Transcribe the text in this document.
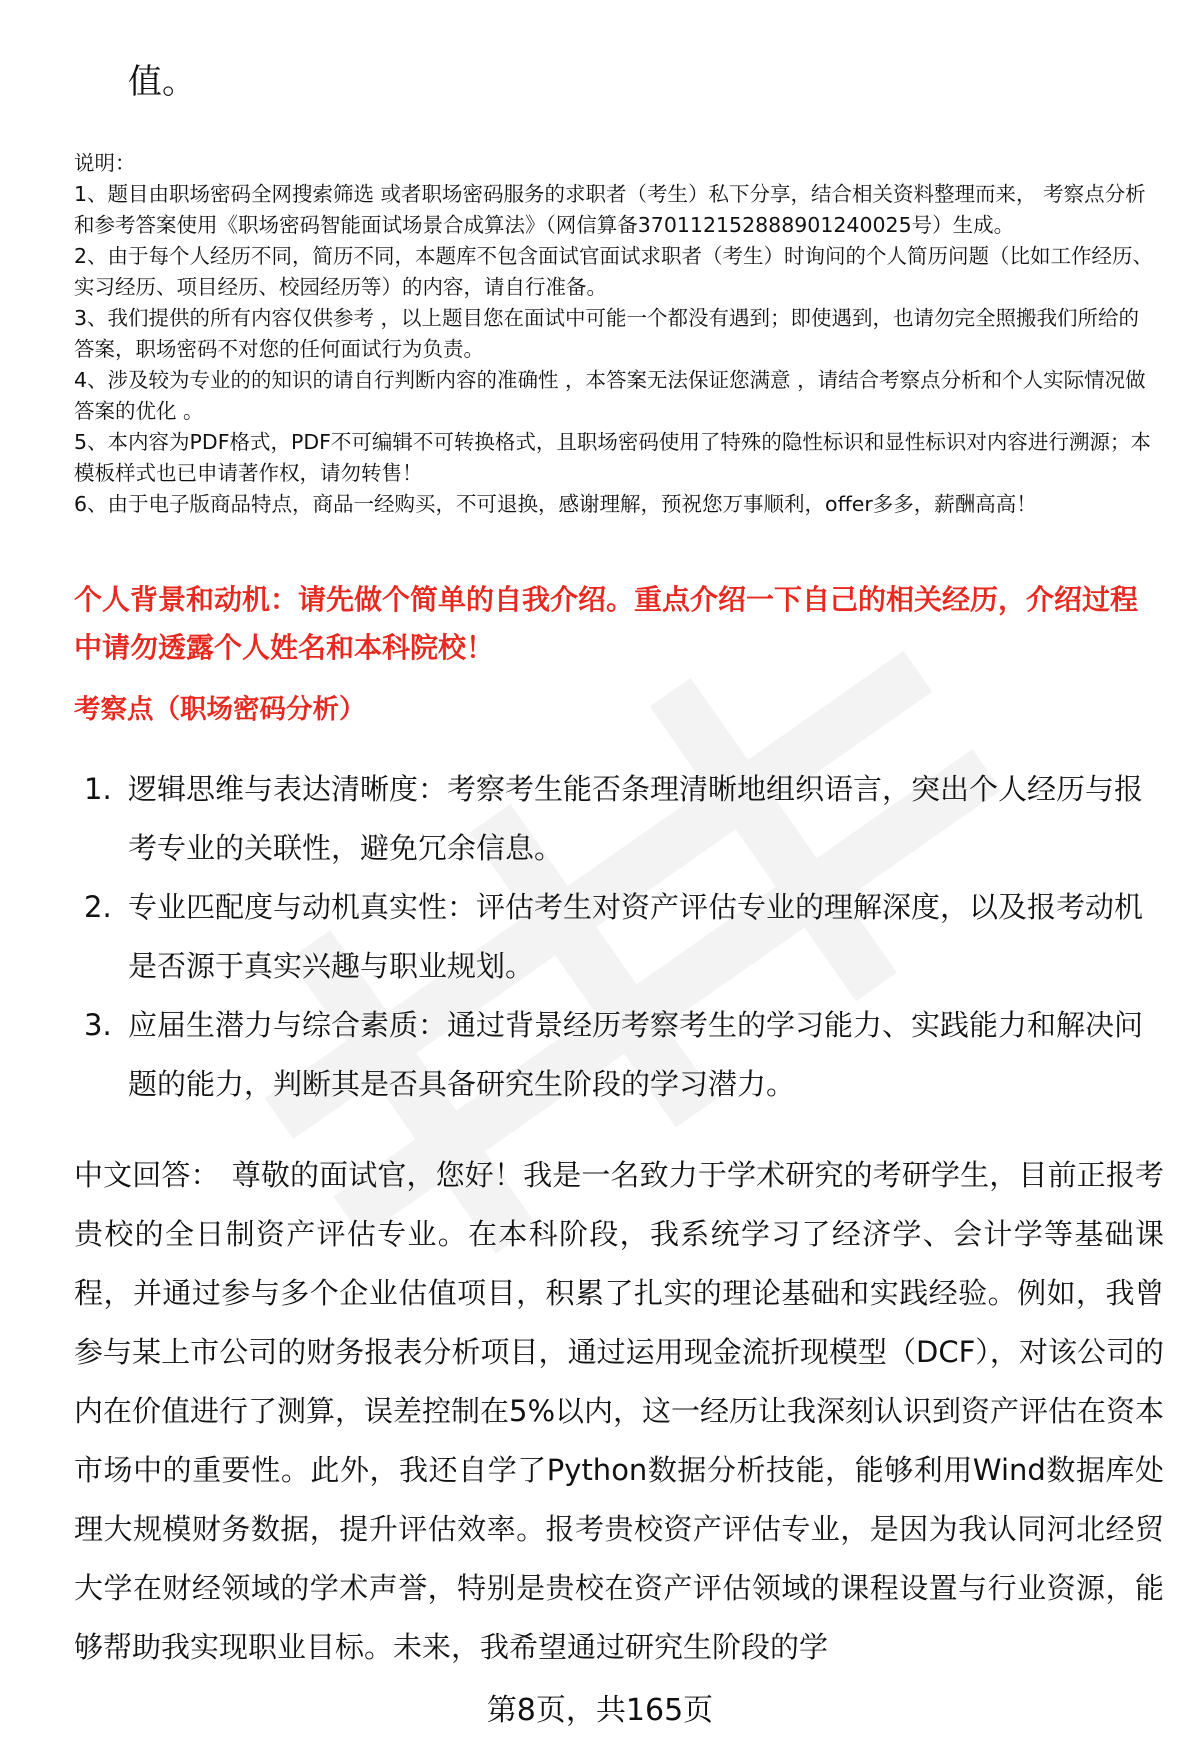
值。

说明：

1、题目由职场密码全网搜索筛选 或者职场密码服务的求职者（考生）私下分享，结合相关资料整理而来， 考察点分析和参考答案使用《职场密码智能面试场景合成算法》（网信算备370112152888901240025号）生成。

2、由于每个人经历不同，简历不同，本题库不包含面试官面试求职者（考生）时询问的个人简历问题（比如工作经历、实习经历、项目经历、校园经历等）的内容，请自行准备。

3、我们提供的所有内容仅供参考 ，以上题目您在面试中可能一个都没有遇到；即使遇到，也请勿完全照搬我们所给的答案，职场密码不对您的任何面试行为负责。

4、涉及较为专业的的知识的请自行判断内容的准确性 ，本答案无法保证您满意 ，请结合考察点分析和个人实际情况做答案的优化 。

5、本内容为PDF格式，PDF不可编辑不可转换格式，且职场密码使用了特殊的隐性标识和显性标识对内容进行溯源；本模板样式也已申请著作权，请勿转售！

6、由于电子版商品特点，商品一经购买，不可退换，感谢理解，预祝您万事顺利，offer多多，薪酬高高！

个人背景和动机：请先做个简单的自我介绍。重点介绍一下自己的相关经历，介绍过程中请勿透露个人姓名和本科院校！

考察点（职场密码分析）

1. 逻辑思维与表达清晰度：考察考生能否条理清晰地组织语言，突出个人经历与报考专业的关联性，避免冗余信息。
2. 专业匹配度与动机真实性：评估考生对资产评估专业的理解深度，以及报考动机是否源于真实兴趣与职业规划。
3. 应届生潜力与综合素质：通过背景经历考察考生的学习能力、实践能力和解决问题的能力，判断其是否具备研究生阶段的学习潜力。

中文回答： 尊敬的面试官，您好！我是一名致力于学术研究的考研学生，目前正报考贵校的全日制资产评估专业。在本科阶段，我系统学习了经济学、会计学等基础课程，并通过参与多个企业估值项目，积累了扎实的理论基础和实践经验。例如，我曾参与某上市公司的财务报表分析项目，通过运用现金流折现模型（DCF），对该公司的内在价值进行了测算，误差控制在5%以内，这一经历让我深刻认识到资产评估在资本市场中的重要性。此外，我还自学了Python数据分析技能，能够利用Wind数据库处理大规模财务数据，提升评估效率。报考贵校资产评估专业，是因为我认同河北经贸大学在财经领域的学术声誉，特别是贵校在资产评估领域的课程设置与行业资源，能够帮助我实现职业目标。未来，我希望通过研究生阶段的学

第8页，共165页
